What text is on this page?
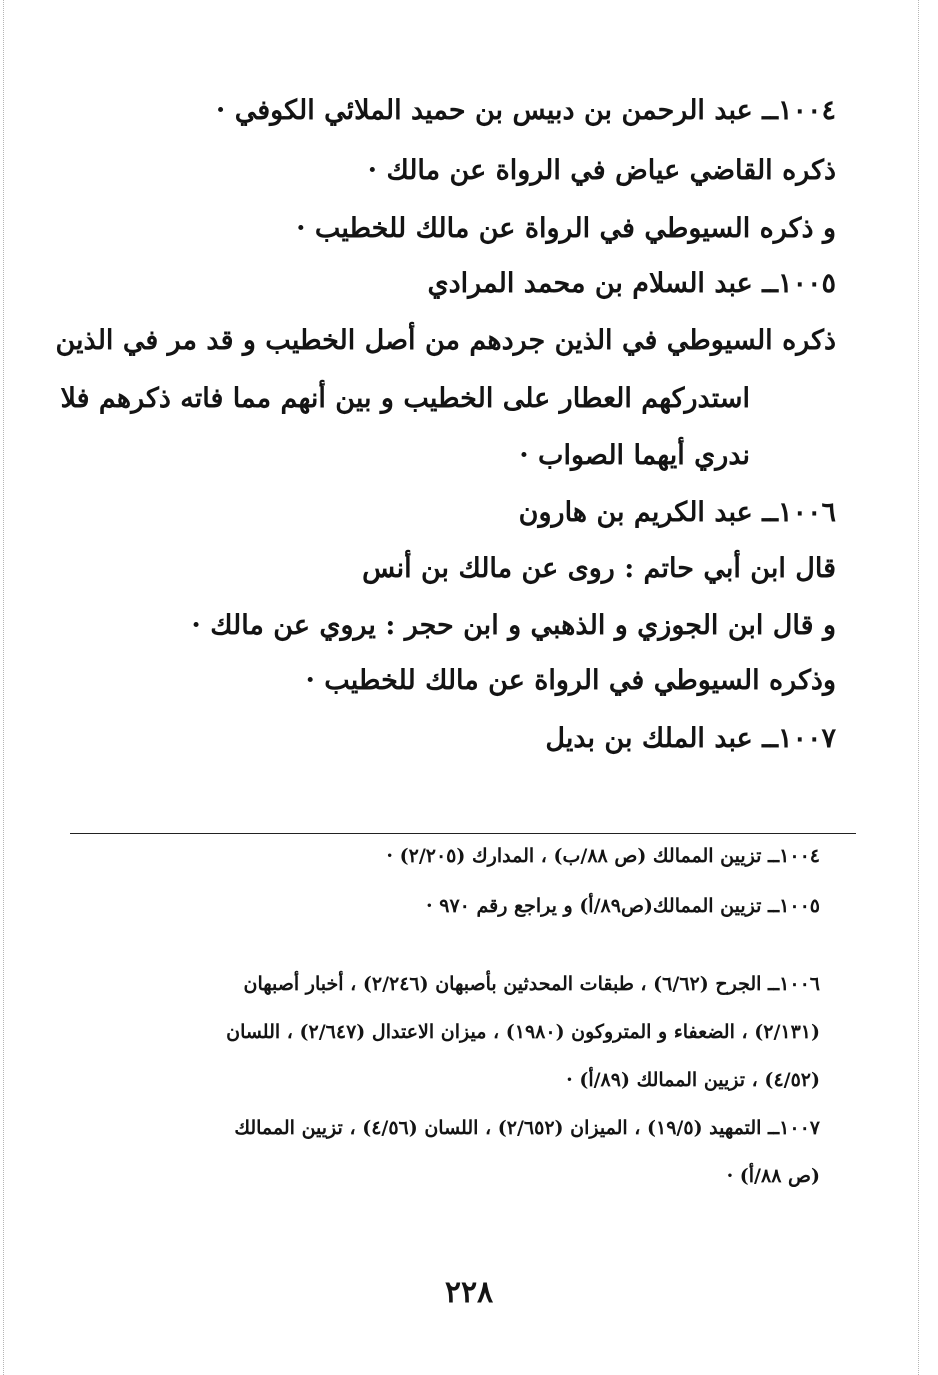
١٠٠٤ــ عبد الرحمن بن دبيس بن حميد الملائي الكوفي ·
ذكره القاضي عياض في الرواة عن مالك ·
و ذكره السيوطي في الرواة عن مالك للخطيب ·
١٠٠٥ــ عبد السلام بن محمد المرادي
ذكره السيوطي في الذين جردهم من أصل الخطيب و قد مر في الذين
استدركهم العطار على الخطيب و بين أنهم مما فاته ذكرهم فلا
ندري أيهما الصواب ·
١٠٠٦ــ عبد الكريم بن هارون
قال ابن أبي حاتم : روى عن مالك بن أنس
و قال ابن الجوزي و الذهبي و ابن حجر : يروي عن مالك ·
وذكره السيوطي في الرواة عن مالك للخطيب ·
١٠٠٧ــ عبد الملك بن بديل
١٠٠٤ــ تزيين الممالك (ص ٨٨/ب) ، المدارك (٢/٢٠٥) ·
١٠٠٥ــ تزيين الممالك(ص٨٩/أ) و يراجع رقم ٩٧٠ ·
١٠٠٦ــ الجرح (٦/٦٢) ، طبقات المحدثين بأصبهان (٢/٢٤٦) ، أخبار أصبهان
(٢/١٣١) ، الضعفاء و المتروكون (١٩٨٠) ، ميزان الاعتدال (٢/٦٤٧) ، اللسان
(٤/٥٢) ، تزيين الممالك (٨٩/أ) ·
١٠٠٧ــ التمهيد (١٩/٥) ، الميزان (٢/٦٥٢) ، اللسان (٤/٥٦) ، تزيين الممالك
(ص ٨٨/أ) ·
٢٢٨
